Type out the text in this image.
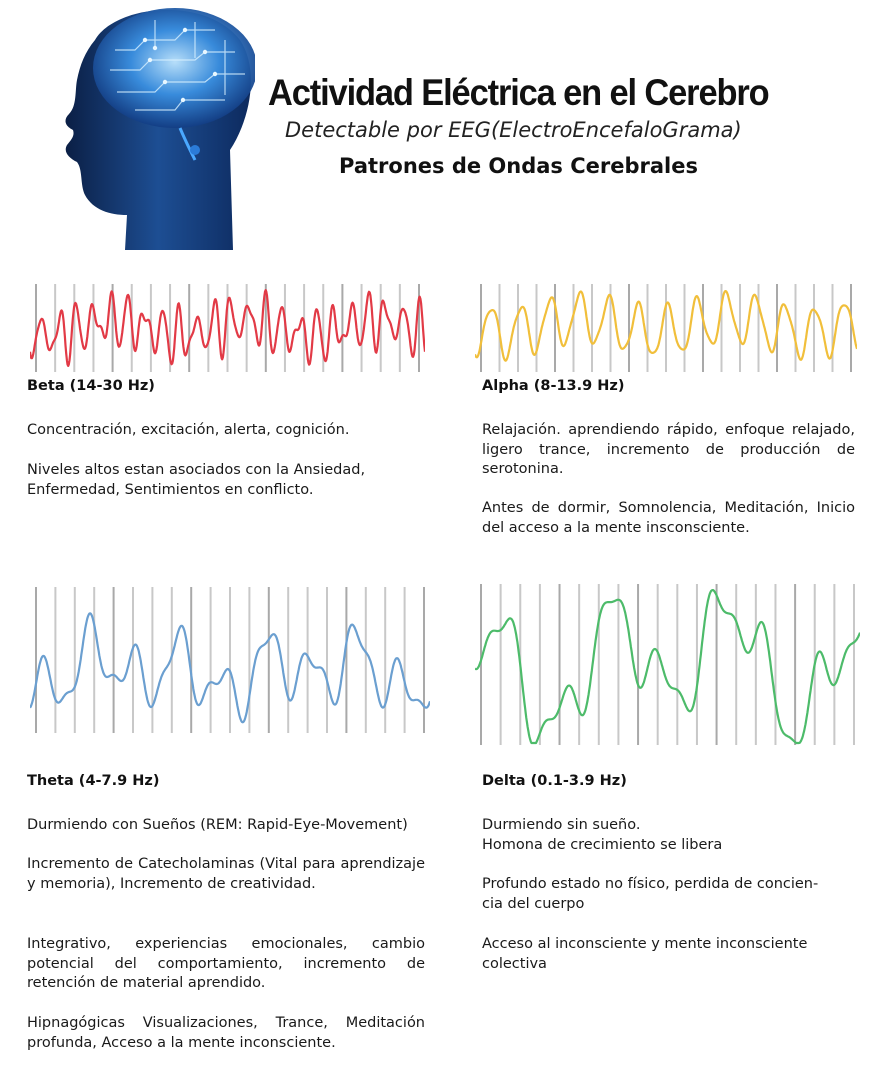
Actividad Eléctrica en el Cerebro
Detectable por EEG(ElectroEncefaloGrama)
Patrones de Ondas Cerebrales
Beta (14-30 Hz)

Concentración, excitación, alerta, cognición.

Niveles altos estan asociados con la Ansiedad,

Enfermedad, Sentimientos en conflicto.

Alpha (8-13.9 Hz)

Relajación. aprendiendo rápido, enfoque relajado, ligero trance, incremento de producción de serotonina.

Antes de dormir, Somnolencia, Meditación, Inicio del acceso a la mente insconsciente.

Theta (4-7.9 Hz)

Durmiendo con Sueños (REM: Rapid-Eye-Movement)

Incremento de Catecholaminas (Vital para aprendizaje y memoria), Incremento de creatividad.

Integrativo, experiencias emocionales, cambio potencial del comportamiento, incremento de retención de material aprendido.

Hipnagógicas Visualizaciones, Trance, Meditación profunda, Acceso a la mente inconsciente.

Delta (0.1-3.9 Hz)

Durmiendo sin sueño.

Homona de crecimiento se libera

Profundo estado no físico, perdida de concien-

cia del cuerpo

Acceso al inconsciente y mente inconsciente colectiva
